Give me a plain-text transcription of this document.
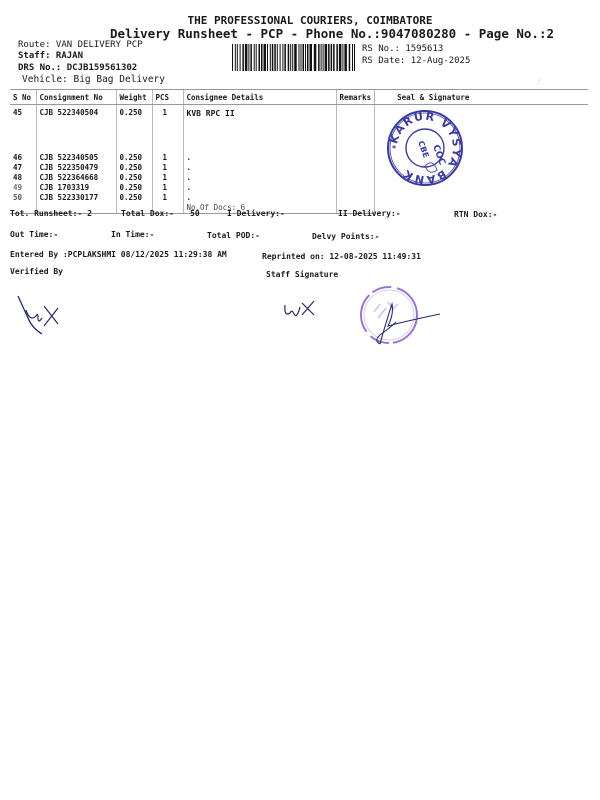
THE PROFESSIONAL COURIERS, COIMBATORE
Delivery Runsheet - PCP - Phone No.:9047080280 - Page No.:2
Route: VAN DELIVERY PCP
Staff: RAJAN
DRS No.: DCJB159561302
Vehicle: Big Bag Delivery
RS No.: 1595613
RS Date: 12-Aug-2025
S No	Consignment No	Weight	PCS	Consignee Details	Remarks	Seal & Signature
45	CJB 522340504	0.250	1	KVB RPC II		KARUR VYSYA BANK
COC
CBE
*

46	CJB 522340505	0.250	1	.		
47	CJB 522350479	0.250	1	.		
48	CJB 522364668	0.250	1	.		
49	CJB 1703319	0.250	1	.		
50	CJB 522330177	0.250	1	.		
				No.Of Docs: 6		
Tot. Runsheet:- 2	Total Dox:- 50	I Delivery:-	II Delivery:-	RTN Dox:-
Out Time:-	In Time:-	Total POD:-	Delvy Points:-
Entered By :PCPLAKSHMI 08/12/2025 11:29:38 AM	Reprinted on: 12-08-2025 11:49:31
Verified By	Staff Signature
